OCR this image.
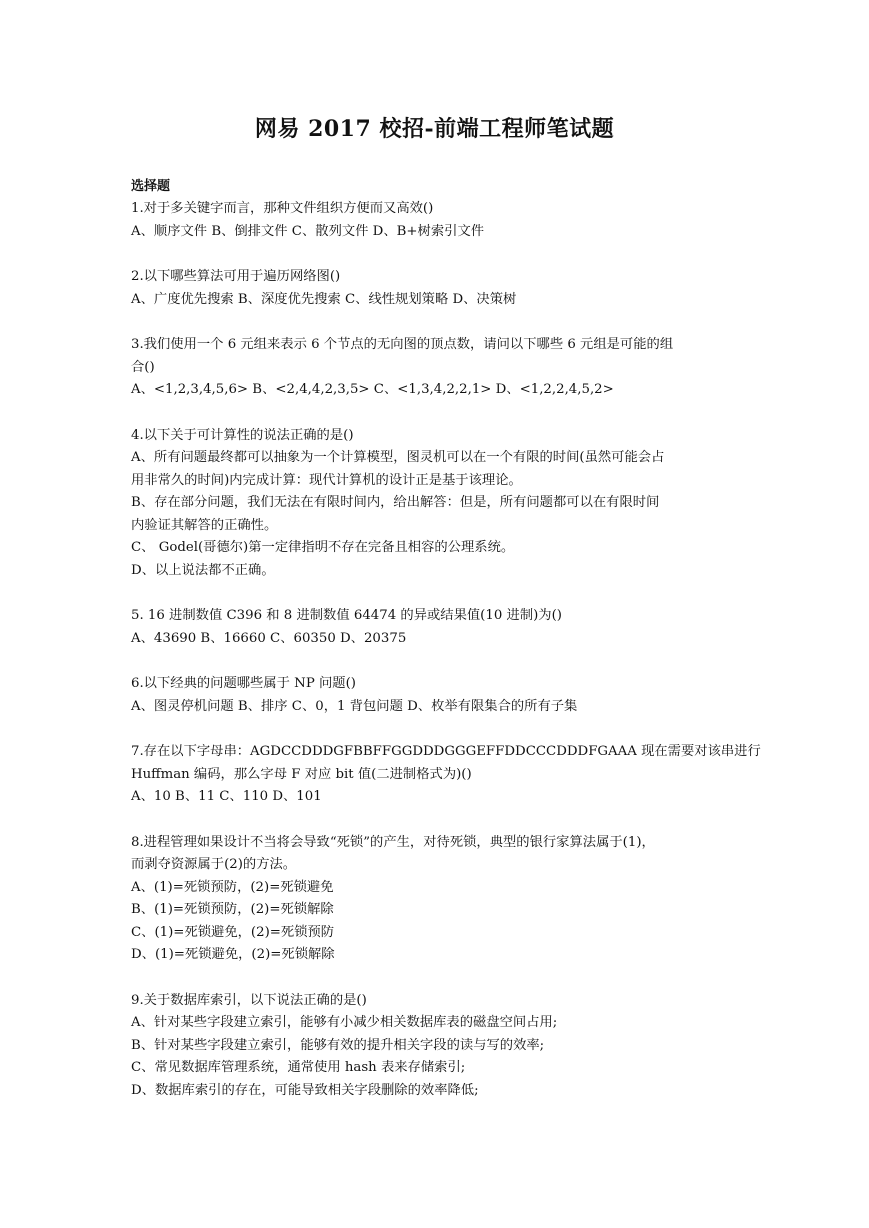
网易 2017 校招-前端工程师笔试题
选择题
1.对于多关键字而言，那种文件组织方便而又高效()
A、顺序文件 B、倒排文件 C、散列文件 D、B+树索引文件
2.以下哪些算法可用于遍历网络图()
A、广度优先搜索 B、深度优先搜索 C、线性规划策略 D、决策树
3.我们使用一个 6 元组来表示 6 个节点的无向图的顶点数，请问以下哪些 6 元组是可能的组
合()
A、<1,2,3,4,5,6> B、<2,4,4,2,3,5> C、<1,3,4,2,2,1> D、<1,2,2,4,5,2>
4.以下关于可计算性的说法正确的是()
A、所有问题最终都可以抽象为一个计算模型，图灵机可以在一个有限的时间(虽然可能会占
用非常久的时间)内完成计算：现代计算机的设计正是基于该理论。
B、存在部分问题，我们无法在有限时间内，给出解答：但是，所有问题都可以在有限时间
内验证其解答的正确性。
C、 Godel(哥德尔)第一定律指明不存在完备且相容的公理系统。
D、以上说法都不正确。
5. 16 进制数值 C396 和 8 进制数值 64474 的异或结果值(10 进制)为()
A、43690 B、16660 C、60350 D、20375
6.以下经典的问题哪些属于 NP 问题()
A、图灵停机问题 B、排序 C、0，1 背包问题 D、枚举有限集合的所有子集
7.存在以下字母串：AGDCCDDDGFBBFFGGDDDGGGEFFDDCCCDDDFGAAA 现在需要对该串进行
Huffman 编码，那么字母 F 对应 bit 值(二进制格式为)()
A、10 B、11 C、110 D、101
8.进程管理如果设计不当将会导致“死锁”的产生，对待死锁，典型的银行家算法属于(1)，
而剥夺资源属于(2)的方法。
A、(1)=死锁预防，(2)=死锁避免
B、(1)=死锁预防，(2)=死锁解除
C、(1)=死锁避免，(2)=死锁预防
D、(1)=死锁避免，(2)=死锁解除
9.关于数据库索引，以下说法正确的是()
A、针对某些字段建立索引，能够有小减少相关数据库表的磁盘空间占用;
B、针对某些字段建立索引，能够有效的提升相关字段的读与写的效率;
C、常见数据库管理系统，通常使用 hash 表来存储索引;
D、数据库索引的存在，可能导致相关字段删除的效率降低;
